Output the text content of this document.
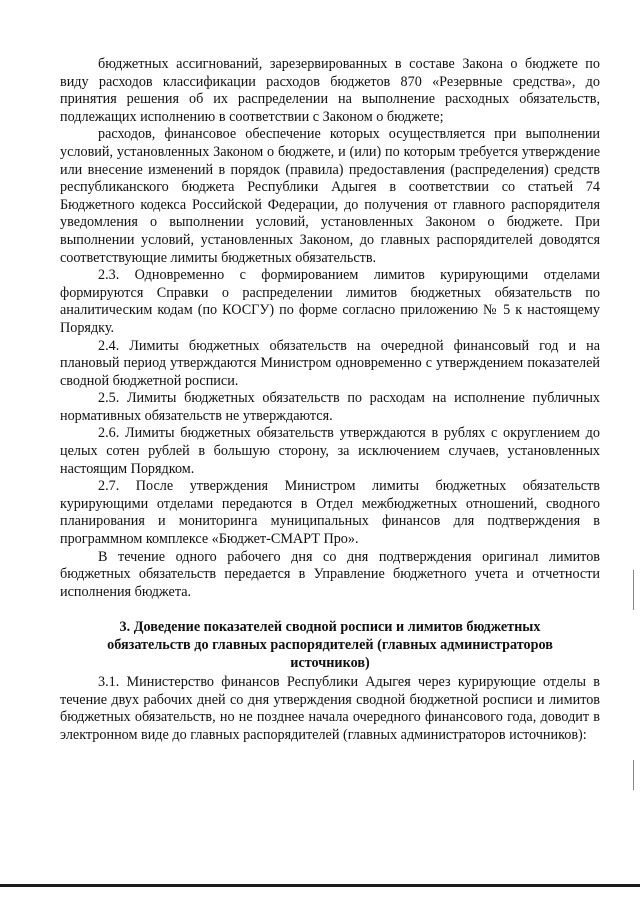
бюджетных ассигнований, зарезервированных в составе Закона о бюджете по виду расходов классификации расходов бюджетов 870 «Резервные средства», до принятия решения об их распределении на выполнение расходных обязательств, подлежащих исполнению в соответствии с Законом о бюджете;

расходов, финансовое обеспечение которых осуществляется при выполнении условий, установленных Законом о бюджете, и (или) по которым требуется утверждение или внесение изменений в порядок (правила) предоставления (распределения) средств республиканского бюджета Республики Адыгея в соответствии со статьей 74 Бюджетного кодекса Российской Федерации, до получения от главного распорядителя уведомления о выполнении условий, установленных Законом о бюджете. При выполнении условий, установленных Законом, до главных распорядителей доводятся соответствующие лимиты бюджетных обязательств.

2.3. Одновременно с формированием лимитов курирующими отделами формируются Справки о распределении лимитов бюджетных обязательств по аналитическим кодам (по КОСГУ) по форме согласно приложению № 5 к настоящему Порядку.

2.4. Лимиты бюджетных обязательств на очередной финансовый год и на плановый период утверждаются Министром одновременно с утверждением показателей сводной бюджетной росписи.

2.5. Лимиты бюджетных обязательств по расходам на исполнение публичных нормативных обязательств не утверждаются.

2.6. Лимиты бюджетных обязательств утверждаются в рублях с округлением до целых сотен рублей в большую сторону, за исключением случаев, установленных настоящим Порядком.

2.7. После утверждения Министром лимиты бюджетных обязательств курирующими отделами передаются в Отдел межбюджетных отношений, сводного планирования и мониторинга муниципальных финансов для подтверждения в программном комплексе «Бюджет-СМАРТ Про».

В течение одного рабочего дня со дня подтверждения оригинал лимитов бюджетных обязательств передается в Управление бюджетного учета и отчетности исполнения бюджета.

3. Доведение показателей сводной росписи и лимитов бюджетных обязательств до главных распорядителей (главных администраторов источников)

3.1. Министерство финансов Республики Адыгея через курирующие отделы в течение двух рабочих дней со дня утверждения сводной бюджетной росписи и лимитов бюджетных обязательств, но не позднее начала очередного финансового года, доводит в электронном виде до главных распорядителей (главных администраторов источников):
